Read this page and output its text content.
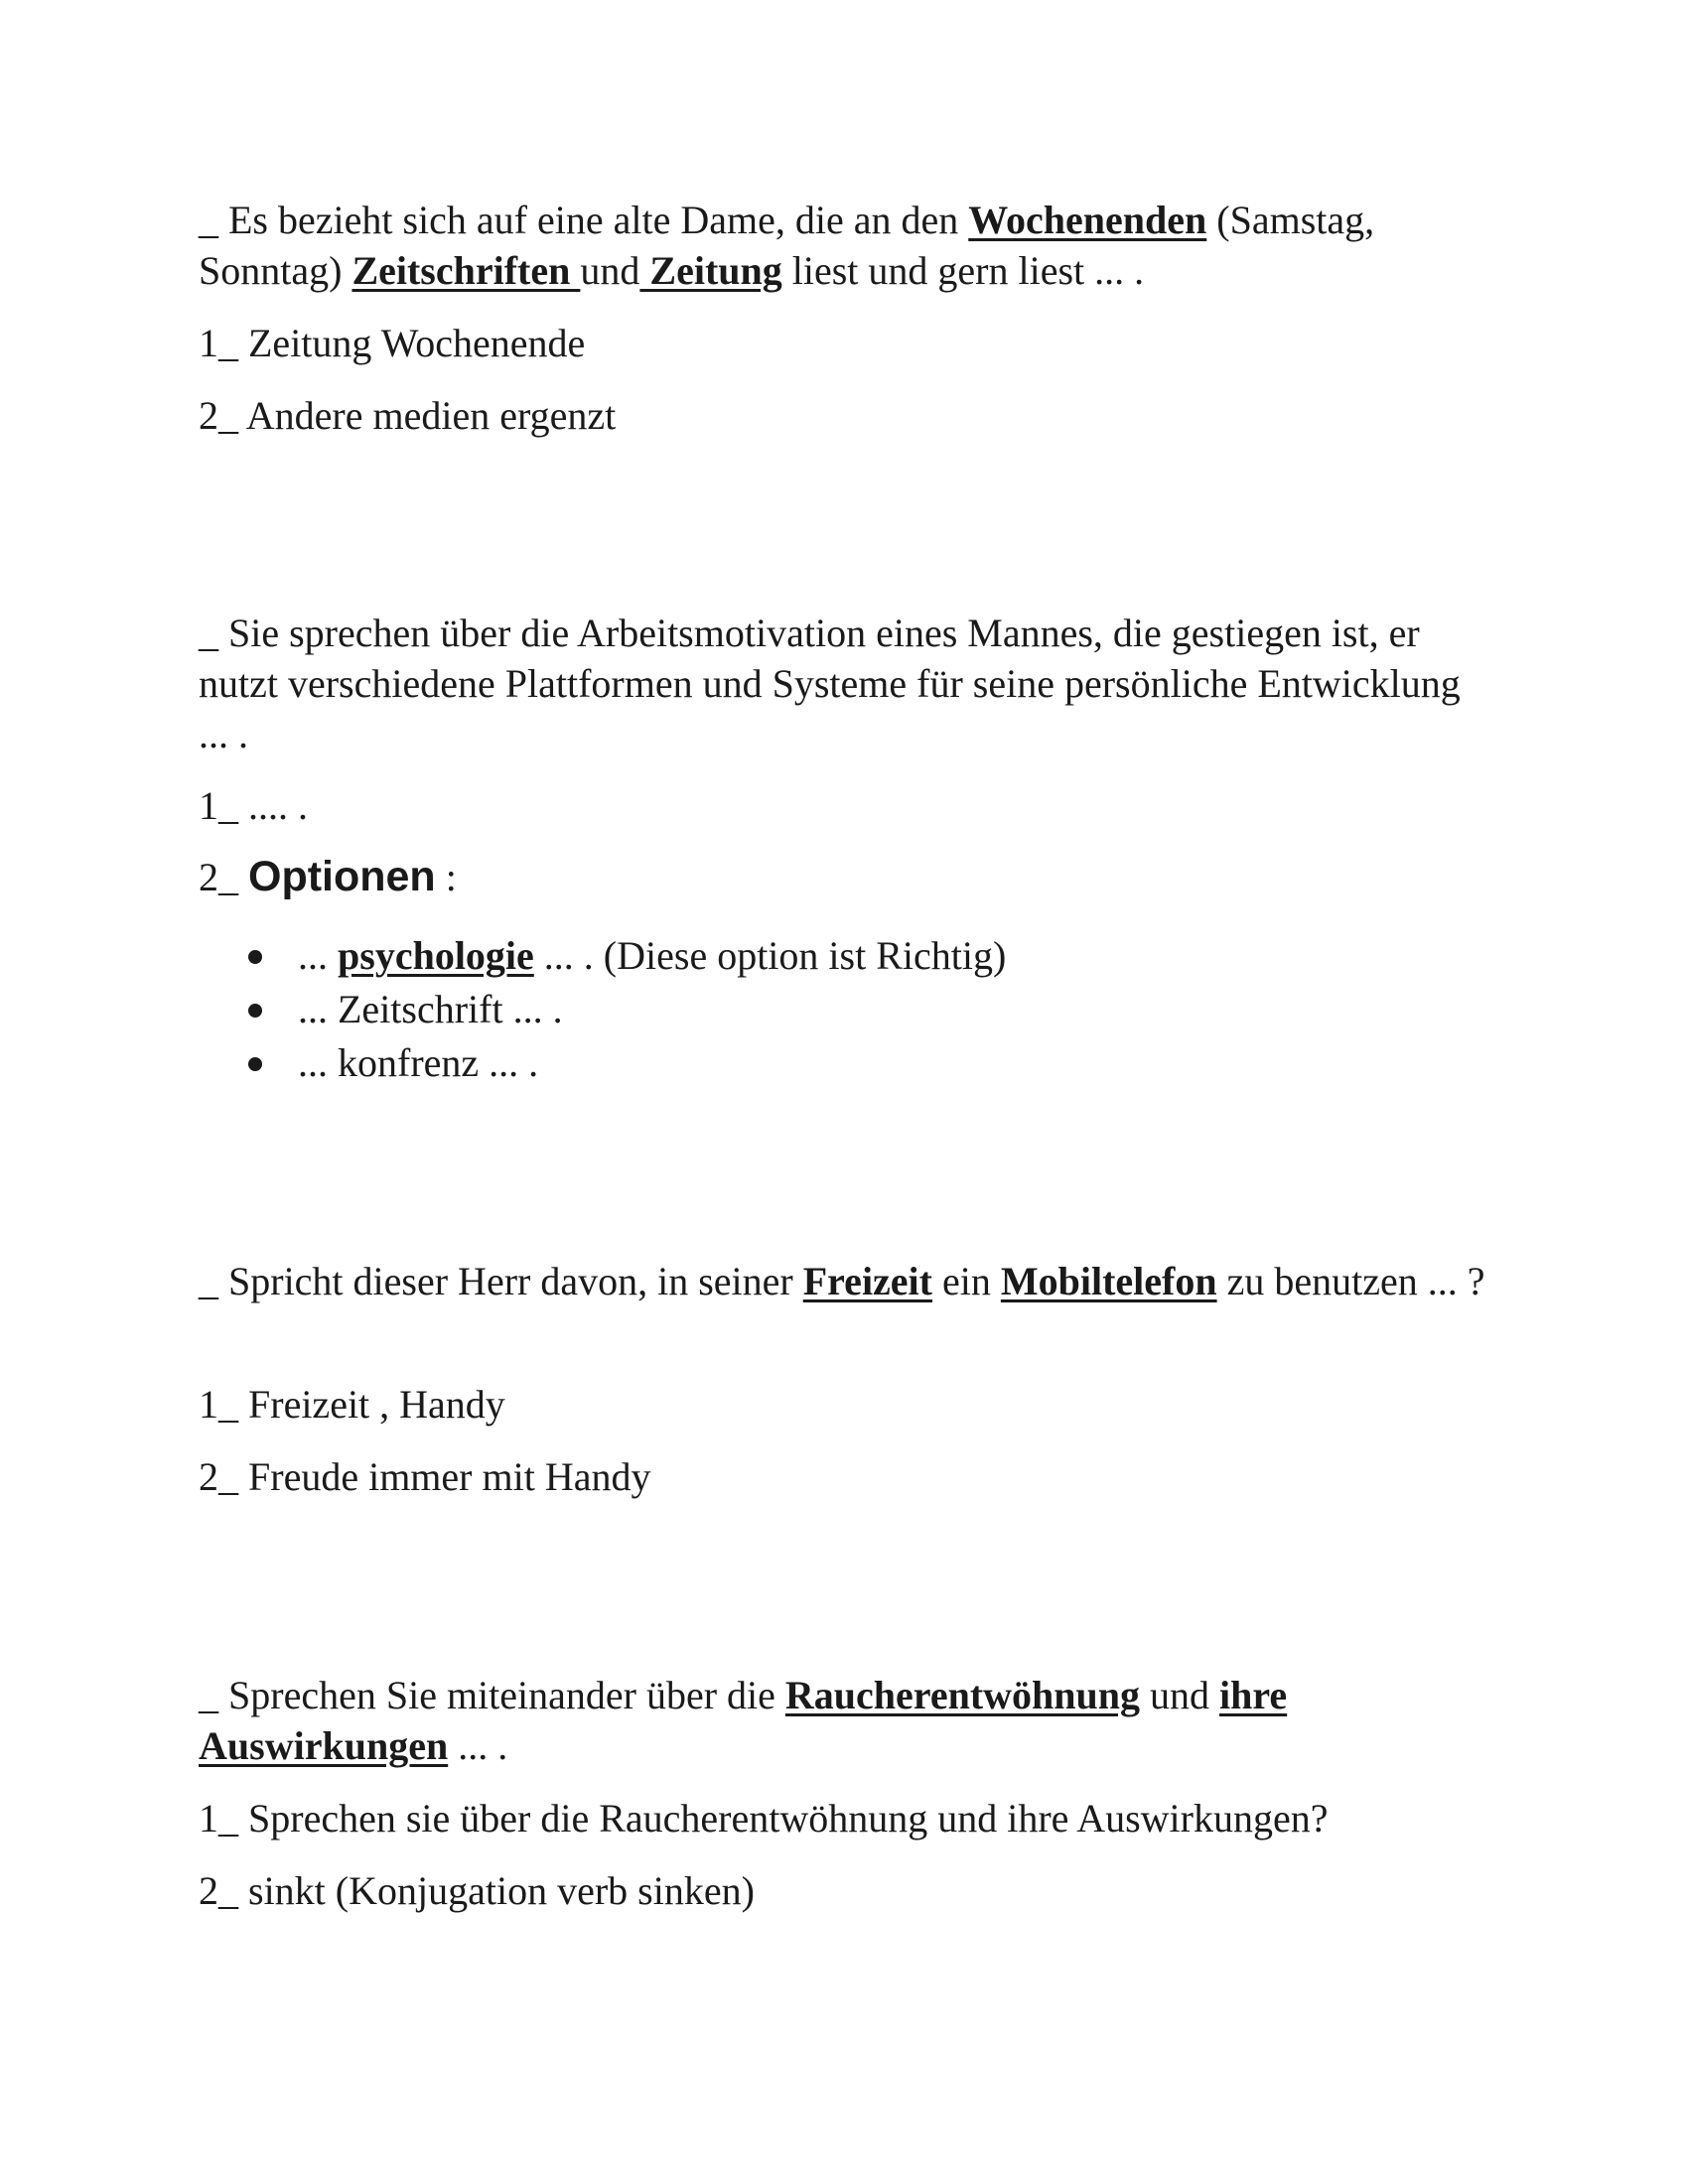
_ Es bezieht sich auf eine alte Dame, die an den Wochenenden (Samstag, Sonntag) Zeitschriften und Zeitung liest und gern liest ... .

1_ Zeitung Wochenende

2_ Andere medien ergenzt

_ Sie sprechen über die Arbeitsmotivation eines Mannes, die gestiegen ist, er nutzt verschiedene Plattformen und Systeme für seine persönliche Entwicklung ... .

1_ .... .

2_ Optionen :

... psychologie ... . (Diese option ist Richtig)
... Zeitschrift ... .
... konfrenz ... .

_ Spricht dieser Herr davon, in seiner Freizeit ein Mobiltelefon zu benutzen ... ?

1_ Freizeit , Handy

2_ Freude immer mit Handy

_ Sprechen Sie miteinander über die Raucherentwöhnung und ihre Auswirkungen ... .

1_ Sprechen sie über die Raucherentwöhnung und ihre Auswirkungen?

2_ sinkt (Konjugation verb sinken)
